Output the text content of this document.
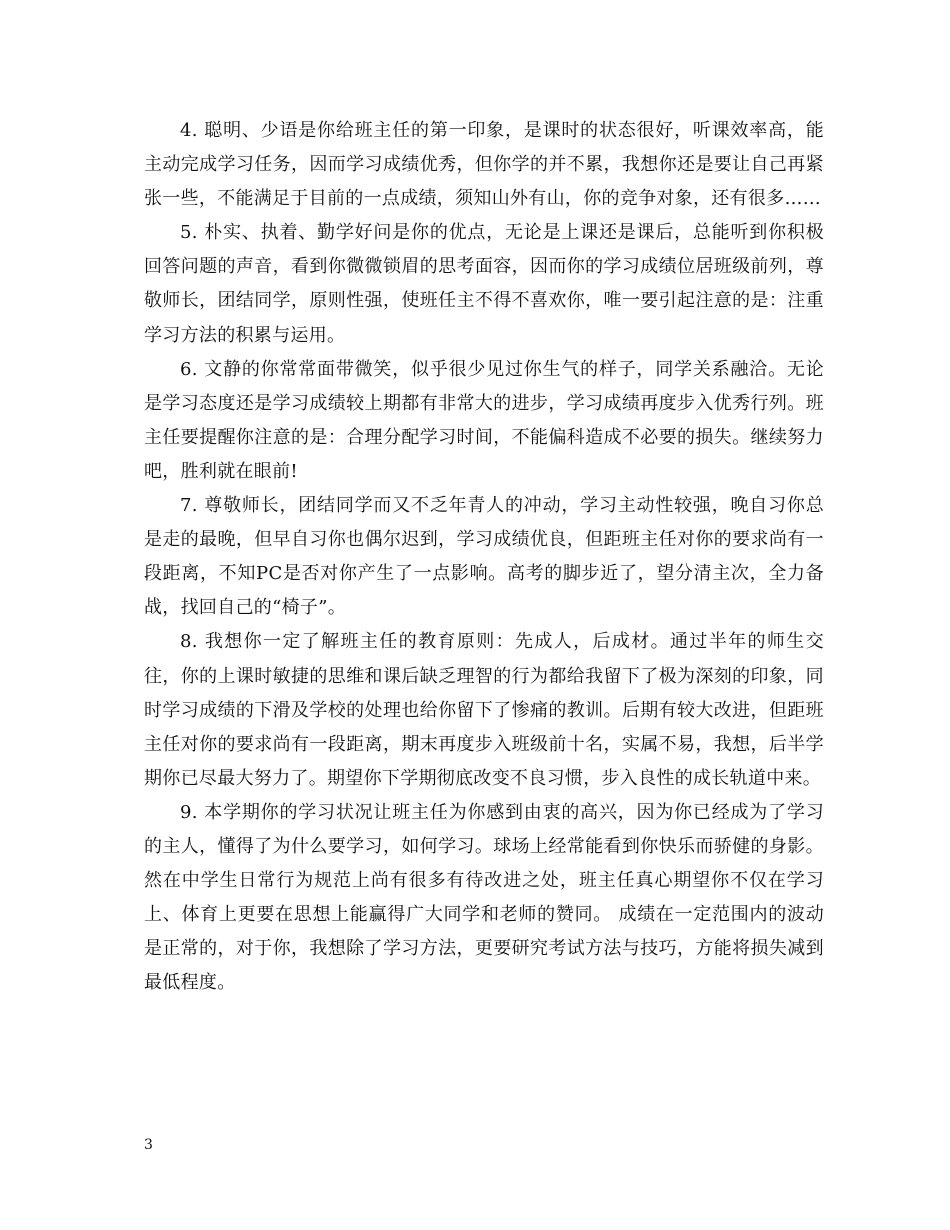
4. 聪明、少语是你给班主任的第一印象，是课时的状态很好，听课效率高，能主动完成学习任务，因而学习成绩优秀，但你学的并不累，我想你还是要让自己再紧张一些，不能满足于目前的一点成绩，须知山外有山，你的竞争对象，还有很多……

5. 朴实、执着、勤学好问是你的优点，无论是上课还是课后，总能听到你积极回答问题的声音，看到你微微锁眉的思考面容，因而你的学习成绩位居班级前列，尊敬师长，团结同学，原则性强，使班任主不得不喜欢你，唯一要引起注意的是：注重学习方法的积累与运用。

6. 文静的你常常面带微笑，似乎很少见过你生气的样子，同学关系融洽。无论是学习态度还是学习成绩较上期都有非常大的进步，学习成绩再度步入优秀行列。班主任要提醒你注意的是：合理分配学习时间，不能偏科造成不必要的损失。继续努力吧，胜利就在眼前!

7. 尊敬师长，团结同学而又不乏年青人的冲动，学习主动性较强，晚自习你总是走的最晚，但早自习你也偶尔迟到，学习成绩优良，但距班主任对你的要求尚有一段距离，不知PC是否对你产生了一点影响。高考的脚步近了，望分清主次，全力备战，找回自己的“椅子”。

8. 我想你一定了解班主任的教育原则：先成人，后成材。通过半年的师生交往，你的上课时敏捷的思维和课后缺乏理智的行为都给我留下了极为深刻的印象，同时学习成绩的下滑及学校的处理也给你留下了惨痛的教训。后期有较大改进，但距班主任对你的要求尚有一段距离，期末再度步入班级前十名，实属不易，我想，后半学期你已尽最大努力了。期望你下学期彻底改变不良习惯，步入良性的成长轨道中来。

9. 本学期你的学习状况让班主任为你感到由衷的高兴，因为你已经成为了学习的主人，懂得了为什么要学习，如何学习。球场上经常能看到你快乐而骄健的身影。然在中学生日常行为规范上尚有很多有待改进之处，班主任真心期望你不仅在学习上、体育上更要在思想上能赢得广大同学和老师的赞同。 成绩在一定范围内的波动是正常的，对于你，我想除了学习方法，更要研究考试方法与技巧，方能将损失减到最低程度。

3
